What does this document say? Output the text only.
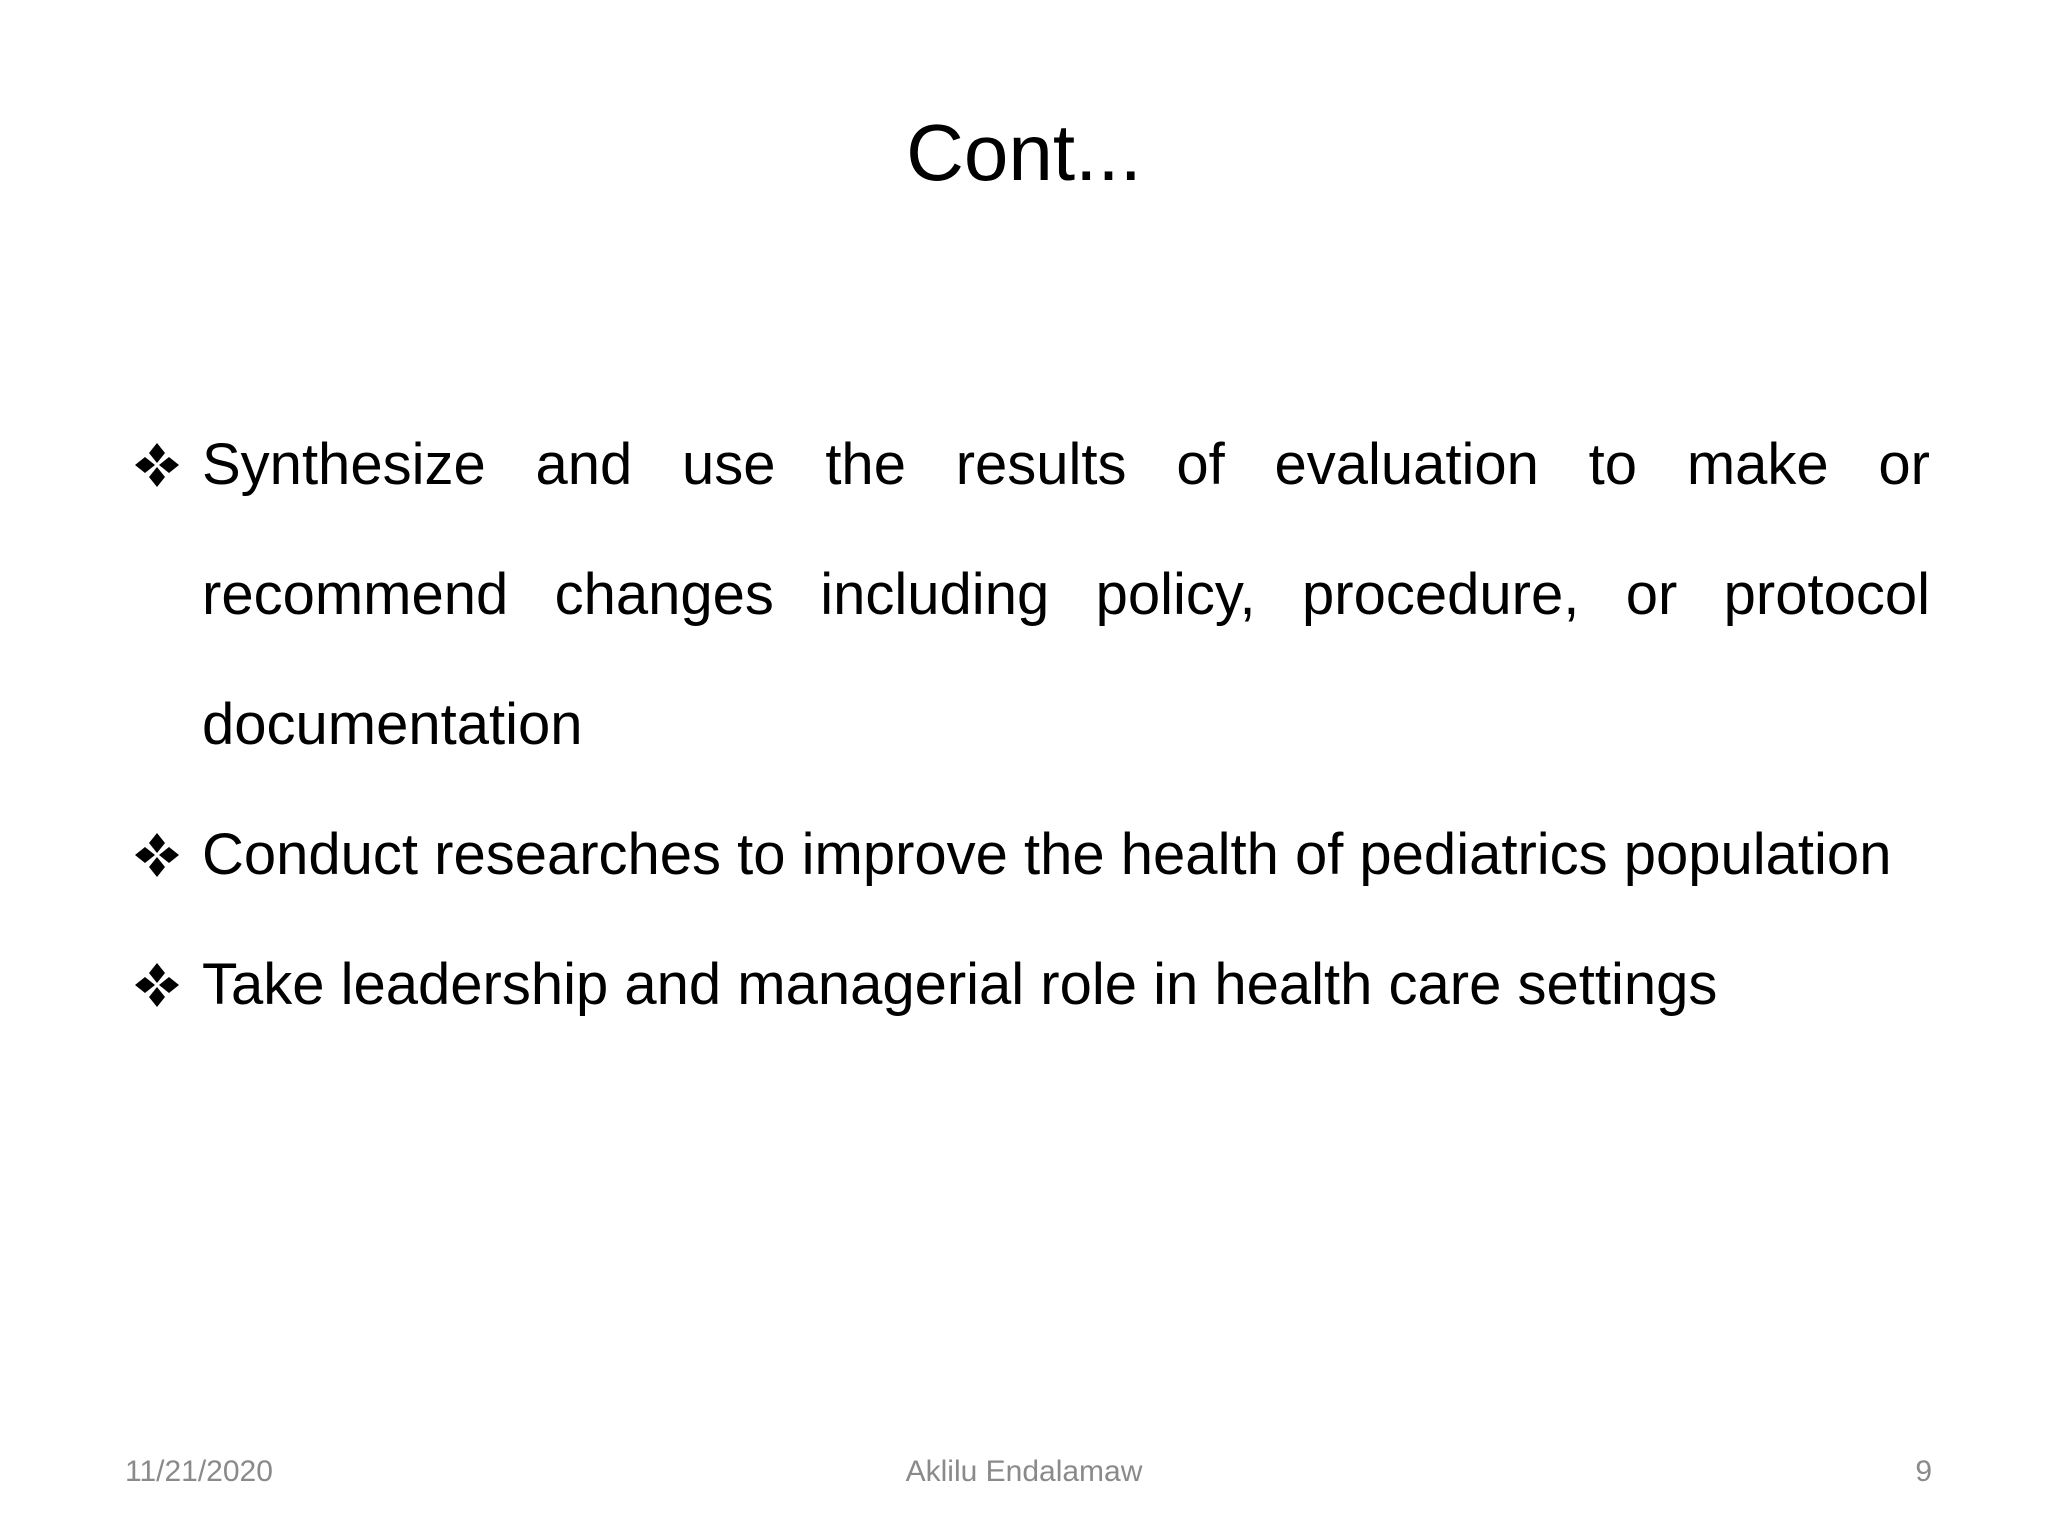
Cont...
Synthesize and use the results of evaluation to make or recommend changes including policy, procedure, or protocol documentation
Conduct researches to improve the health of pediatrics population
Take leadership and managerial role in health care settings
11/21/2020	Aklilu Endalamaw	9
